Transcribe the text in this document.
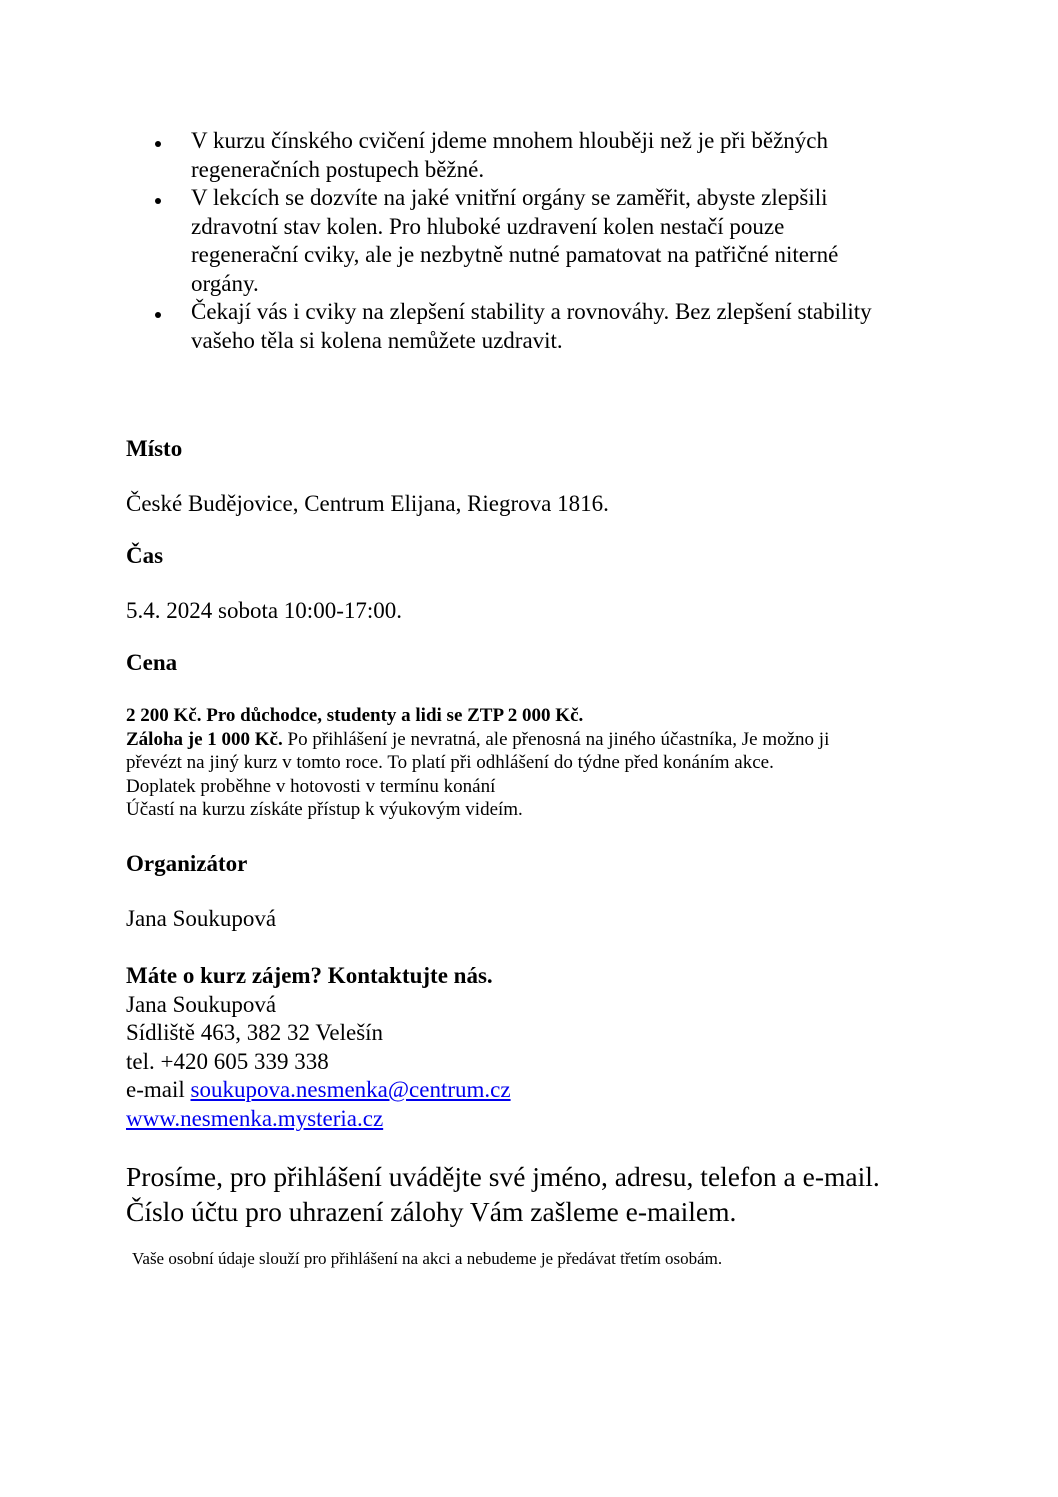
V kurzu čínského cvičení jdeme mnohem hlouběji než je při běžných
regeneračních postupech běžné.
V lekcích se dozvíte na jaké vnitřní orgány se zaměřit, abyste zlepšili
zdravotní stav kolen. Pro hluboké uzdravení kolen nestačí pouze
regenerační cviky, ale je nezbytně nutné pamatovat na patřičné niterné
orgány.
Čekají vás i cviky na zlepšení stability a rovnováhy. Bez zlepšení stability
vašeho těla si kolena nemůžete uzdravit.
Místo
České Budějovice, Centrum Elijana, Riegrova 1816.
Čas
5.4. 2024 sobota 10:00-17:00.
Cena
2 200 Kč. Pro důchodce, studenty a lidi se ZTP 2 000 Kč.
Záloha je 1 000 Kč. Po přihlášení je nevratná, ale přenosná na jiného účastníka, Je možno ji
převézt na jiný kurz v tomto roce. To platí při odhlášení do týdne před konáním akce.
Doplatek proběhne v hotovosti v termínu konání
Účastí na kurzu získáte přístup k výukovým videím.
Organizátor
Jana Soukupová
Máte o kurz zájem? Kontaktujte nás.
Jana Soukupová
Sídliště 463, 382 32 Velešín
tel. +420 605 339 338
e-mail soukupova.nesmenka@centrum.cz
www.nesmenka.mysteria.cz
Prosíme, pro přihlášení uvádějte své jméno, adresu, telefon a e-mail.
Číslo účtu pro uhrazení zálohy Vám zašleme e-mailem.
Vaše osobní údaje slouží pro přihlášení na akci a nebudeme je předávat třetím osobám.
